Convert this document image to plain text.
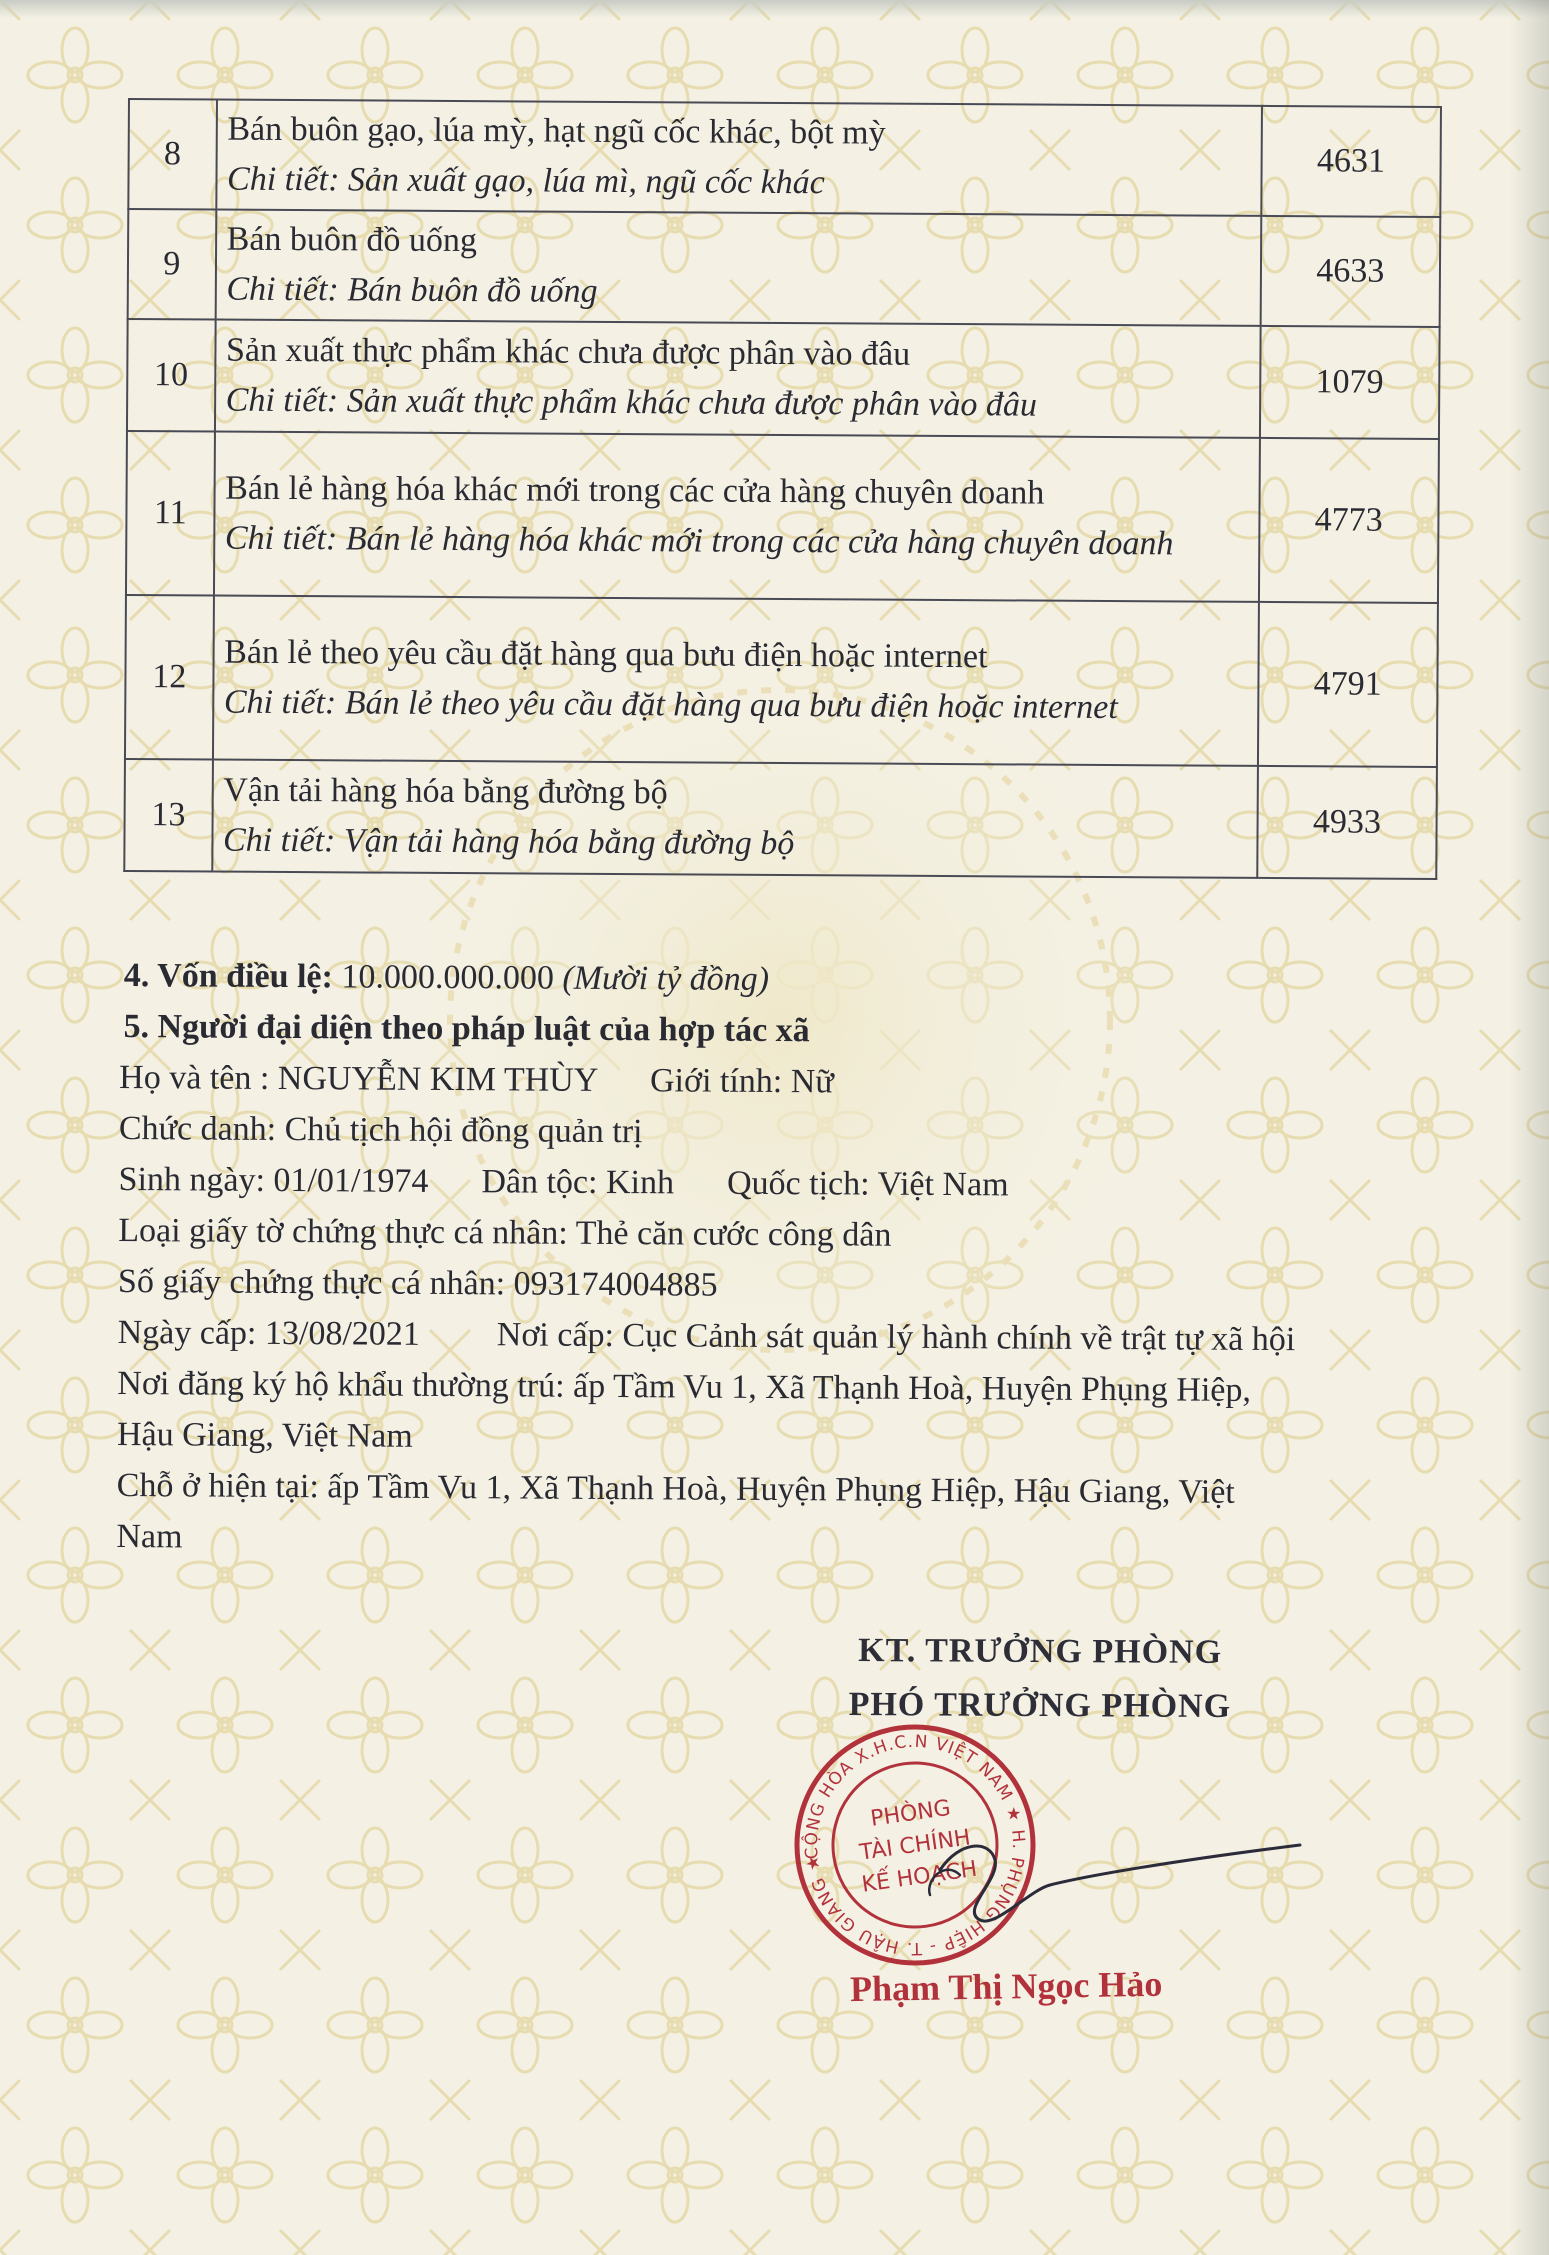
8	Bán buôn gạo, lúa mỳ, hạt ngũ cốc khác, bột mỳ
Chi tiết: Sản xuất gạo, lúa mì, ngũ cốc khác	4631
9	Bán buôn đồ uống
Chi tiết: Bán buôn đồ uống	4633
10	Sản xuất thực phẩm khác chưa được phân vào đâu
Chi tiết: Sản xuất thực phẩm khác chưa được phân vào đâu	1079
11	Bán lẻ hàng hóa khác mới trong các cửa hàng chuyên doanh
Chi tiết: Bán lẻ hàng hóa khác mới trong các cửa hàng chuyên doanh	4773
12	Bán lẻ theo yêu cầu đặt hàng qua bưu điện hoặc internet
Chi tiết: Bán lẻ theo yêu cầu đặt hàng qua bưu điện hoặc internet	4791
13	Vận tải hàng hóa bằng đường bộ
Chi tiết: Vận tải hàng hóa bằng đường bộ	4933
4. Vốn điều lệ: 10.000.000.000 (Mười tỷ đồng)
5. Người đại diện theo pháp luật của hợp tác xã
Họ và tên : NGUYỄN KIM THÙY Giới tính: Nữ
Chức danh: Chủ tịch hội đồng quản trị
Sinh ngày: 01/01/1974 Dân tộc: Kinh Quốc tịch: Việt Nam
Loại giấy tờ chứng thực cá nhân: Thẻ căn cước công dân
Số giấy chứng thực cá nhân: 093174004885
Ngày cấp: 13/08/2021 Nơi cấp: Cục Cảnh sát quản lý hành chính về trật tự xã hội
Nơi đăng ký hộ khẩu thường trú: ấp Tầm Vu 1, Xã Thạnh Hoà, Huyện Phụng Hiệp,
Hậu Giang, Việt Nam
Chỗ ở hiện tại: ấp Tầm Vu 1, Xã Thạnh Hoà, Huyện Phụng Hiệp, Hậu Giang, Việt
Nam
KT. TRƯỞNG PHÒNG
PHÓ TRƯỞNG PHÒNG
CỘNG HÒA X.H.C.N VIỆT NAM ★ H. PHỤNG HIỆP - T. HẬU GIANG ★
PHÒNG
TÀI CHÍNH
KẾ HOẠCH
Phạm Thị Ngọc Hảo
